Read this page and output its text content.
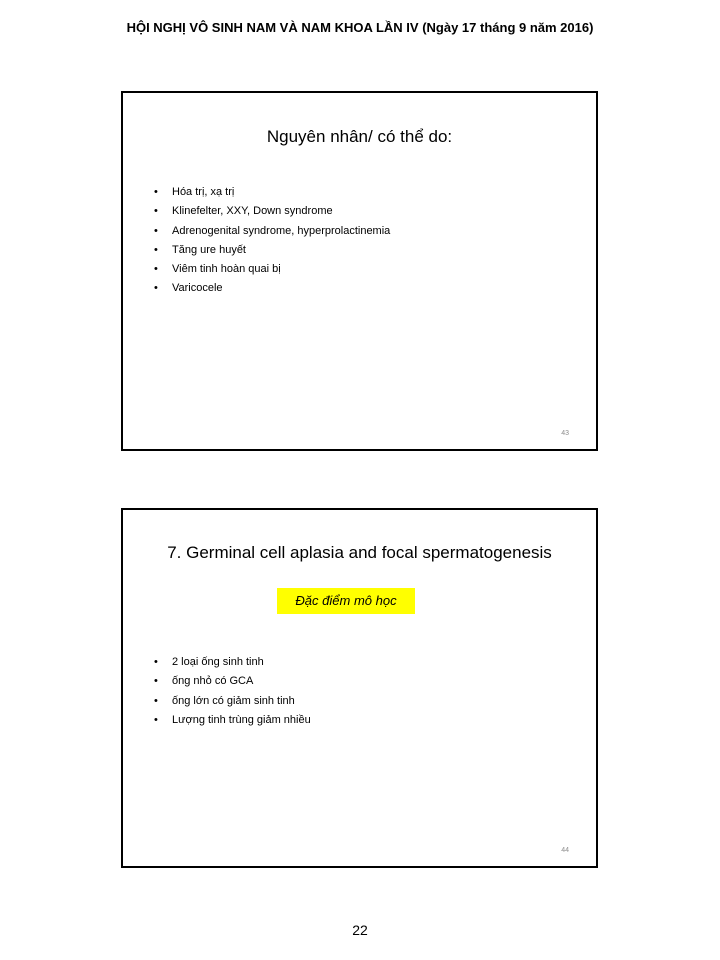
HỘI NGHỊ VÔ SINH NAM VÀ NAM KHOA LẦN IV (Ngày 17 tháng 9 năm 2016)
Nguyên nhân/ có thể do:
• Hóa trị, xạ trị
• Klinefelter, XXY, Down syndrome
• Adrenogenital syndrome, hyperprolactinemia
• Tăng ure huyết
• Viêm tinh hoàn quai bị
• Varicocele
43
7. Germinal cell aplasia and focal spermatogenesis
Đặc điểm mô học
• 2 loại ống sinh tinh
• ống nhỏ có GCA
• ống lớn có giảm sinh tinh
• Lượng tinh trùng giảm nhiều
44
22
